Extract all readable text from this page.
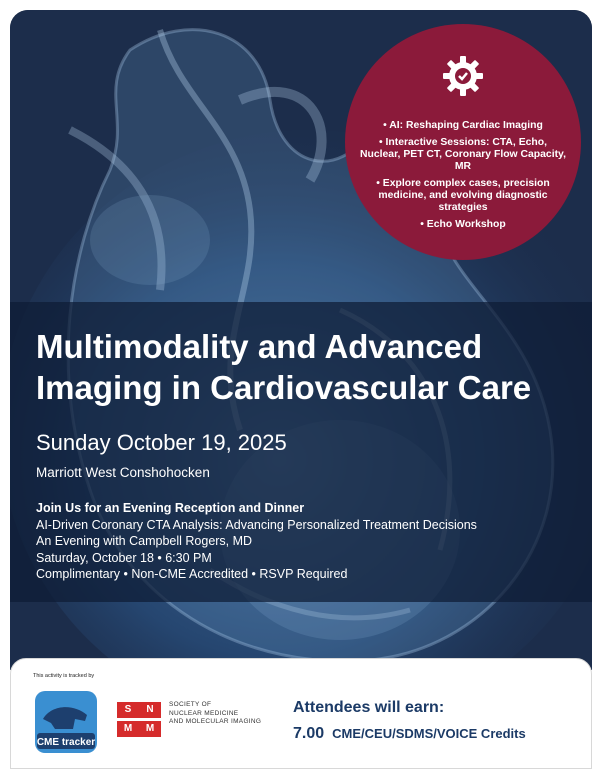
• AI: Reshaping Cardiac Imaging
• Interactive Sessions: CTA, Echo, Nuclear, PET CT, Coronary Flow Capacity, MR
• Explore complex cases, precision medicine, and evolving diagnostic strategies
• Echo Workshop
Multimodality and Advanced Imaging in Cardiovascular Care
Sunday October 19, 2025
Marriott West Conshohocken
Join Us for an Evening Reception and Dinner
AI-Driven Coronary CTA Analysis: Advancing Personalized Treatment Decisions
An Evening with Campbell Rogers, MD
Saturday, October 18 • 6:30 PM
Complimentary • Non-CME Accredited • RSVP Required
This activity is tracked by
CME tracker
S N
M M
SOCIETY OF
NUCLEAR MEDICINE
AND MOLECULAR IMAGING
Attendees will earn:
7.00 CME/CEU/SDMS/VOICE Credits
